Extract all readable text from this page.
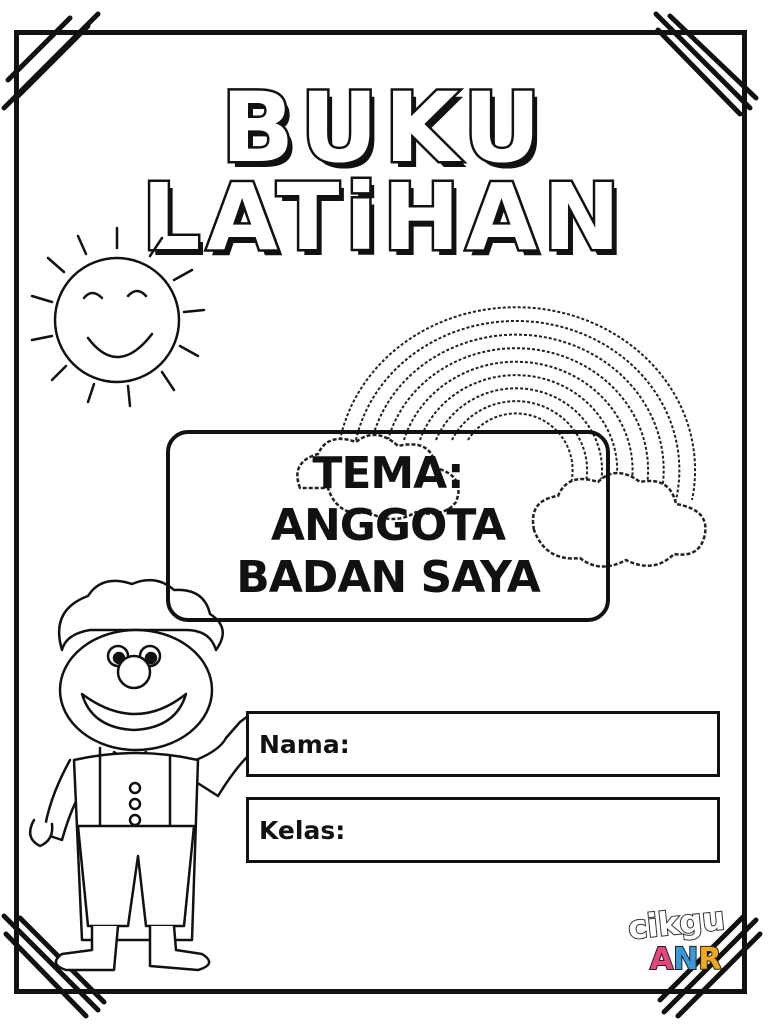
BUKU
LATiHAN
TEMA:
ANGGOTA
BADAN SAYA
Nama:
Kelas:
cikgu
ANR
